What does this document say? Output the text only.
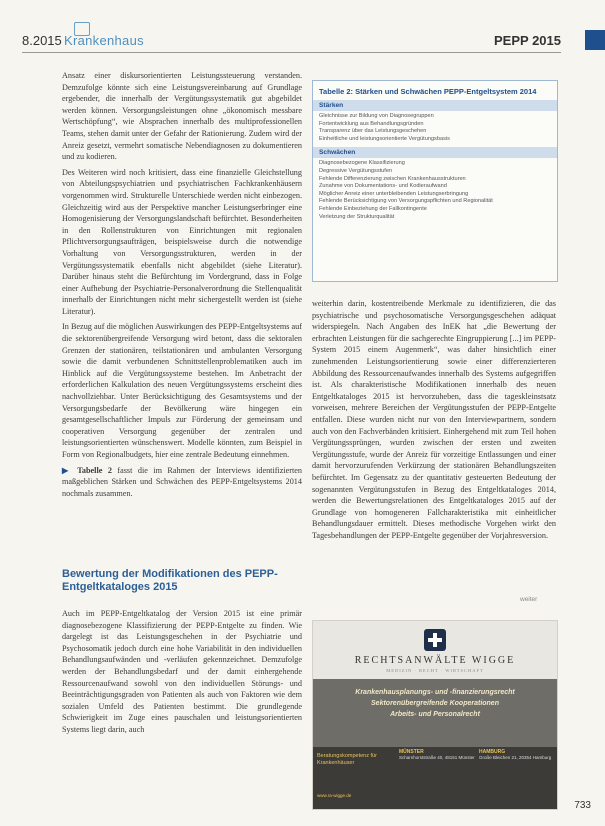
8.2015 Krankenhaus	PEPP 2015

Ansatz einer diskursorientierten Leistungssteuerung verstanden. Demzufolge könnte sich eine Leistungsvereinbarung auf Grundlage ergebender, die innerhalb der Vergütungssystematik gut abgebildet werden können. Versorgungsleistungen ohne „ökonomisch messbare Wertschöpfung“, wie Absprachen innerhalb des multiprofessionellen Teams, stehen damit unter der Gefahr der Rationierung. Zudem wird der Anreiz gesetzt, vermehrt somatische Nebendiagnosen zu dokumentieren und zu kodieren.

Des Weiteren wird noch kritisiert, dass eine finanzielle Gleichstellung von Abteilungspsychiatrien und psychiatrischen Fachkrankenhäusern vorgenommen wird. Strukturelle Unterschiede werden nicht einbezogen. Gleichzeitig wird aus der Perspektive mancher Leistungserbringer eine Homogenisierung der Versorgungslandschaft befürchtet. Besonderheiten in den Rollenstrukturen von Einrichtungen mit regionalen Pflichtversorgungsaufträgen, beispielsweise durch die notwendige Vorhaltung von Versorgungsstrukturen, werden in der Vergütungssystematik ebenfalls nicht abgebildet (siehe Literatur). Darüber hinaus steht die Befürchtung im Vordergrund, dass in Folge einer Aufhebung der Psychiatrie-Personalverordnung die Stellenqualität innerhalb der Einrichtungen nicht mehr sichergestellt werden ist (siehe Literatur).

In Bezug auf die möglichen Auswirkungen des PEPP-Entgeltsystems auf die sektorenübergreifende Versorgung wird betont, dass die sektoralen Grenzen der stationären, teilstationären und ambulanten Versorgung sowie die damit verbundenen Schnittstellenproblematiken auch im Hinblick auf die Vergütungssysteme bestehen. Im Anbetracht der erforderlichen Kalkulation des neuen Vergütungssystems erscheint dies nachvollziehbar. Unter Berücksichtigung des Gesamtsystems und der Versorgungsbedarfe der Bevölkerung wäre hingegen ein gesamtgesellschaftlicher Impuls zur Förderung der gemeinsam und cooperativen Versorgung gegenüber der zentralen und leistungsorientierten wünschenswert. Modelle könnten, zum Beispiel in Form von Regionalbudgets, hier eine zentrale Bedeutung einnehmen.

▶ Tabelle 2 fasst die im Rahmen der Interviews identifizierten maßgeblichen Stärken und Schwächen des PEPP-Entgeltsystems 2014 nochmals zusammen.

Bewertung der Modifikationen des PEPP-Entgeltkataloges 2015

Auch im PEPP-Entgeltkatalog der Version 2015 ist eine primär diagnosebezogene Klassifizierung der PEPP-Entgelte zu finden. Wie dargelegt ist das Leistungsgeschehen in der Psychiatrie und Psychosomatik jedoch durch eine hohe Variabilität in den individuellen Behandlungsaufwänden und -verläufen gekennzeichnet. Demzufolge werden der Behandlungsbedarf und der damit einhergehende Ressourcenaufwand sowohl von den individuellen Störungs- und Beeinträchtigungsgraden von Patienten als auch von Faktoren wie dem sozialen Umfeld des Patienten bestimmt. Die grundlegende Schwierigkeit im Zuge eines pauschalen und leistungsorientierten Systems liegt darin, auch

Tabelle 2: Stärken und Schwächen PEPP-Entgeltsystem 2014
Stärken
Gleichnisse zur Bildung von Diagnosegruppen
Fortentwicklung aus Behandlungsgründen
Transparenz über das Leistungsgeschehen
Einheitliche und leistungsorientierte Vergütungsbasis
Schwächen
Diagnosebezogene Klassifizierung
Degressive Vergütungsstufen
Fehlende Differenzierung zwischen Krankenhausstrukturen
Zunahme von Dokumentations- und Kodieraufwand
Möglicher Anreiz einer unterbleibenden Leistungserbringung
Fehlende Berücksichtigung von Versorgungspflichten und Regionalität
Fehlende Einbeziehung der Fallkontingente
Verletzung der Strukturqualität

weiterhin darin, kostentreibende Merkmale zu identifizieren, die das psychiatrische und psychosomatische Versorgungsgeschehen adäquat widerspiegeln. Nach Angaben des InEK hat „die Bewertung der erbrachten Leistungen für die sachgerechte Eingruppierung [...] im PEPP-System 2015 einem Augenmerk“, was daher hinsichtlich einer zunehmenden Leistungsorientierung sowie einer differenzierteren Abbildung des Ressourcenaufwandes innerhalb des Systems aufgegriffen ist. Als charakteristische Modifikationen innerhalb des neuen Entgeltkataloges 2015 ist hervorzuheben, dass die tageskleinstsatz vorweisen, mehrere Bereichen der Vergütungsstufen der PEPP-Entgelte entfallen. Diese wurden nicht nur von den Interviewpartnern, sondern auch von den Fachverbänden kritisiert. Einhergehend mit zum Teil hohen Vergütungssprüngen, wurden zwischen der ersten und zweiten Vergütungsstufe, wurde der Anreiz für vorzeitige Entlassungen und einer damit hervorzurufenden Verkürzung der stationären Behandlungszeiten befürchtet. Im Gegensatz zu der quantitativ gesteuerten Bedeutung der sogenannten Vergütungsstufen in Bezug des Entgeltkataloges 2014, werden die Bewertungsrelationen des Entgeltkataloges 2015 auf der Grundlage von homogeneren Fallcharakteristika mit einheitlicher Behandlungsdauer ermittelt. Dieses methodische Vorgehen wirkt den Tagesbehandlungen der PEPP-Entgelte gegenüber der Vorjahresversion.

weiter
RECHTSANWÄLTE WIGGE
MEDIZIN · RECHT · WIRTSCHAFT
Krankenhausplanungs- und -finanzierungsrecht
Sektorenübergreifende Kooperationen
Arbeits- und Personalrecht
Beratungskompetenz für Krankenhäuser
www.ra-wigge.de
MÜNSTER
Scharnhorststraße 40, 48151 Münster
HAMBURG
Große Bleichen 21, 20354 Hamburg
733
